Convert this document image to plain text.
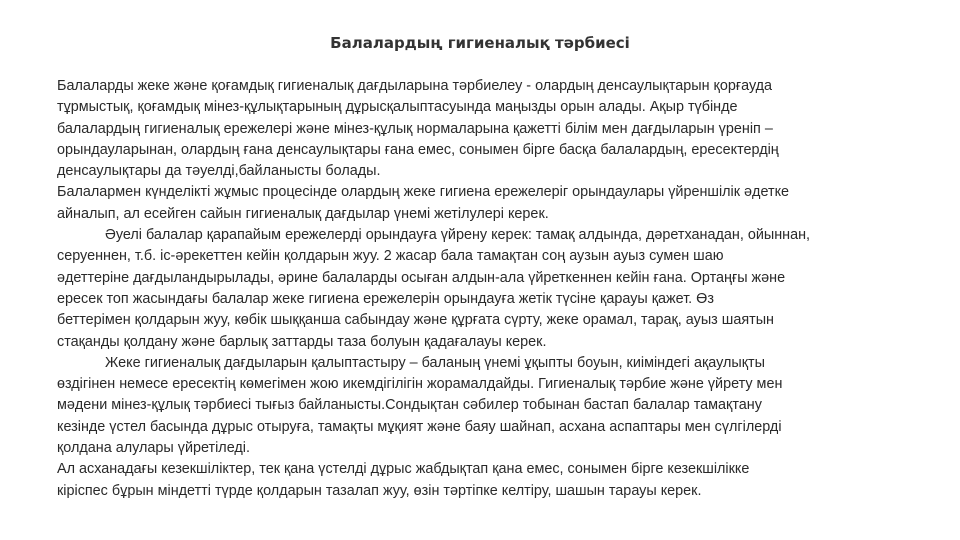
Балалардың гигиеналық тәрбиесі
Балаларды жеке және қоғамдық гигиеналық дағдыларына тәрбиелеу - олардың денсаулықтарын қорғауда
тұрмыстық, қоғамдық мінез-құлықтарының дұрысқалыптасуында маңызды орын алады. Ақыр түбінде
балалардың гигиеналық ережелері және мінез-құлық нормаларына қажетті білім мен дағдыларын үреніп –
орындауларынан, олардың ғана денсаулықтары ғана емес, сонымен бірге басқа балалардың, ересектердің
денсаулықтары да тәуелді,байланысты болады.
Балалармен күнделікті жұмыс процесінде олардың жеке гигиена ережелеріг орындаулары үйреншілік әдетке
айналып, ал есейген сайын гигиеналық дағдылар үнемі жетілулері керек.
Әуелі балалар қарапайым ережелерді орындауға үйрену керек: тамақ алдында, дәретханадан, ойыннан,
серуеннен, т.б. іс-әрекеттен кейін қолдарын жуу. 2 жасар бала тамақтан соң аузын ауыз сумен шаю
әдеттеріне дағдыландырылады, әрине балаларды осыған алдын-ала үйреткеннен кейін ғана. Ортаңғы және
ересек топ жасындағы балалар жеке гигиена ережелерін орындауға жетік түсіне қарауы қажет. Өз
беттерімен қолдарын жуу, көбік шыққанша сабындау және құрғата сүрту, жеке орамал, тарақ, ауыз шаятын
стақанды қолдану және барлық заттарды таза болуын қадағалауы керек.
Жеке гигиеналық дағдыларын қалыптастыру – баланың үнемі ұқыпты боуын, киіміндегі ақаулықты
өздігінен немесе ересектің көмегімен жою икемдігілігін жорамалдайды. Гигиеналық тәрбие және үйрету мен
мәдени мінез-құлық тәрбиесі тығыз байланысты.Сондықтан сәбилер тобынан бастап балалар тамақтану
кезінде үстел басында дұрыс отыруға, тамақты мұқият және баяу шайнап, асхана аспаптары мен сүлгілерді
қолдана алулары үйретіледі.
Ал асханадағы кезекшіліктер, тек қана үстелді дұрыс жабдықтап қана емес, сонымен бірге кезекшілікке
кіріспес бұрын міндетті түрде қолдарын тазалап жуу, өзін тәртіпке келтіру, шашын тарауы керек.
